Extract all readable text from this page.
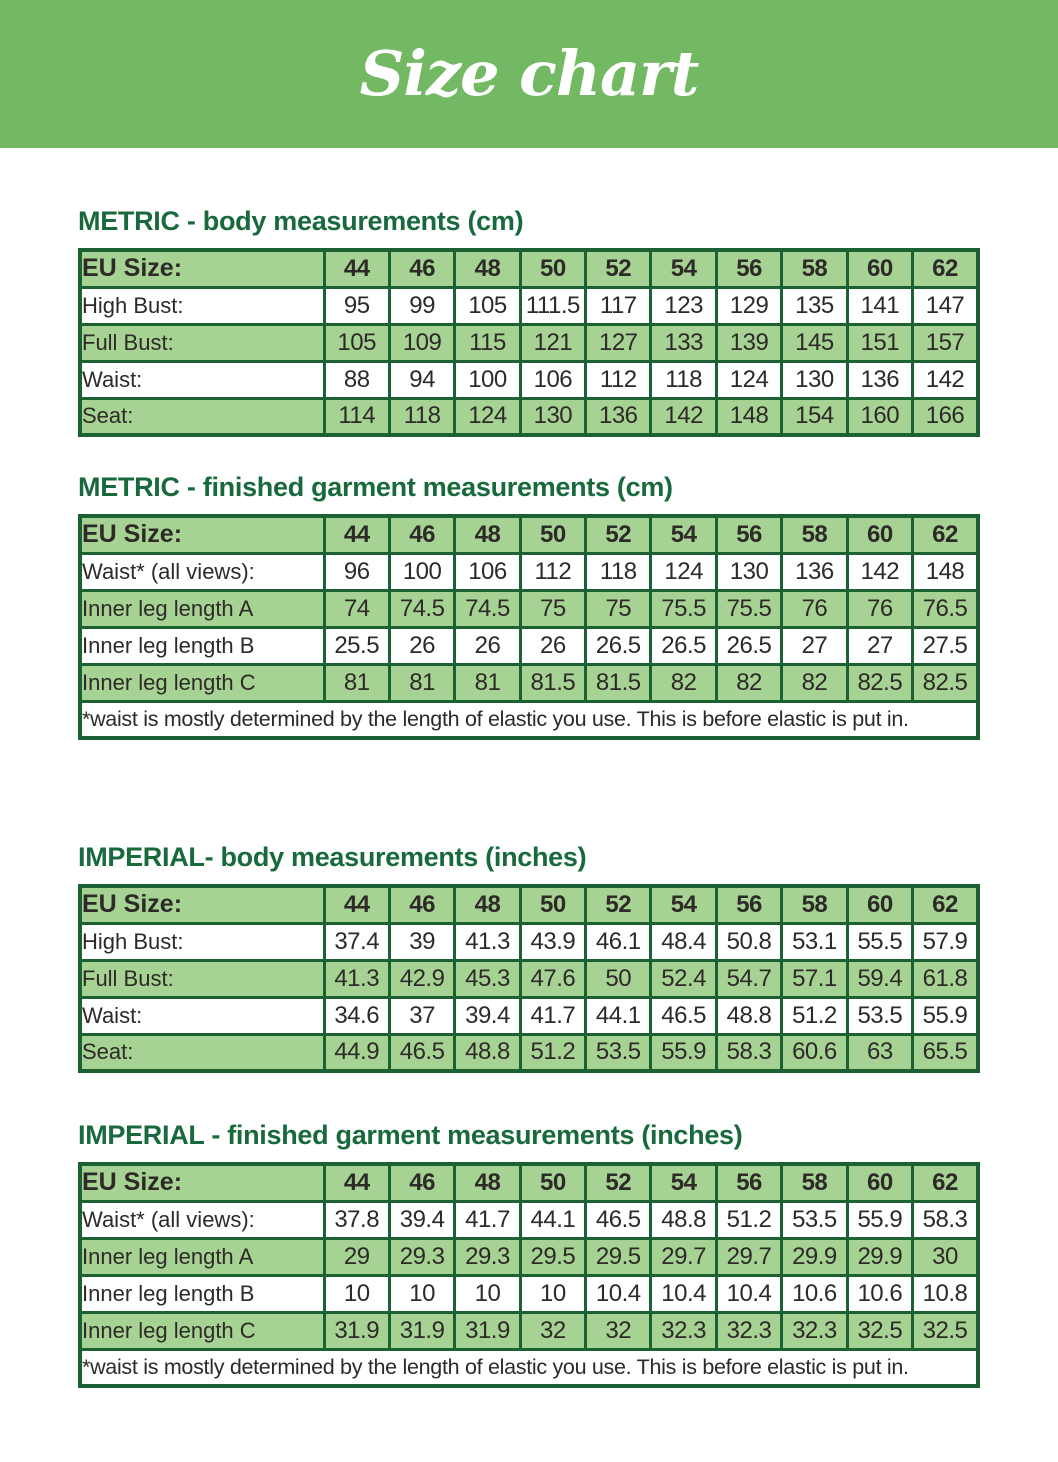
Size chart
METRIC - body measurements (cm)
EU Size:	44	46	48	50	52	54	56	58	60	62
High Bust:	95	99	105	111.5	117	123	129	135	141	147
Full Bust:	105	109	115	121	127	133	139	145	151	157
Waist:	88	94	100	106	112	118	124	130	136	142
Seat:	114	118	124	130	136	142	148	154	160	166
METRIC - finished garment measurements (cm)
EU Size:	44	46	48	50	52	54	56	58	60	62
Waist* (all views):	96	100	106	112	118	124	130	136	142	148
Inner leg length A	74	74.5	74.5	75	75	75.5	75.5	76	76	76.5
Inner leg length B	25.5	26	26	26	26.5	26.5	26.5	27	27	27.5
Inner leg length C	81	81	81	81.5	81.5	82	82	82	82.5	82.5
*waist is mostly determined by the length of elastic you use. This is before elastic is put in.										
IMPERIAL- body measurements (inches)
EU Size:	44	46	48	50	52	54	56	58	60	62
High Bust:	37.4	39	41.3	43.9	46.1	48.4	50.8	53.1	55.5	57.9
Full Bust:	41.3	42.9	45.3	47.6	50	52.4	54.7	57.1	59.4	61.8
Waist:	34.6	37	39.4	41.7	44.1	46.5	48.8	51.2	53.5	55.9
Seat:	44.9	46.5	48.8	51.2	53.5	55.9	58.3	60.6	63	65.5
IMPERIAL - finished garment measurements (inches)
EU Size:	44	46	48	50	52	54	56	58	60	62
Waist* (all views):	37.8	39.4	41.7	44.1	46.5	48.8	51.2	53.5	55.9	58.3
Inner leg length A	29	29.3	29.3	29.5	29.5	29.7	29.7	29.9	29.9	30
Inner leg length B	10	10	10	10	10.4	10.4	10.4	10.6	10.6	10.8
Inner leg length C	31.9	31.9	31.9	32	32	32.3	32.3	32.3	32.5	32.5
*waist is mostly determined by the length of elastic you use. This is before elastic is put in.										
